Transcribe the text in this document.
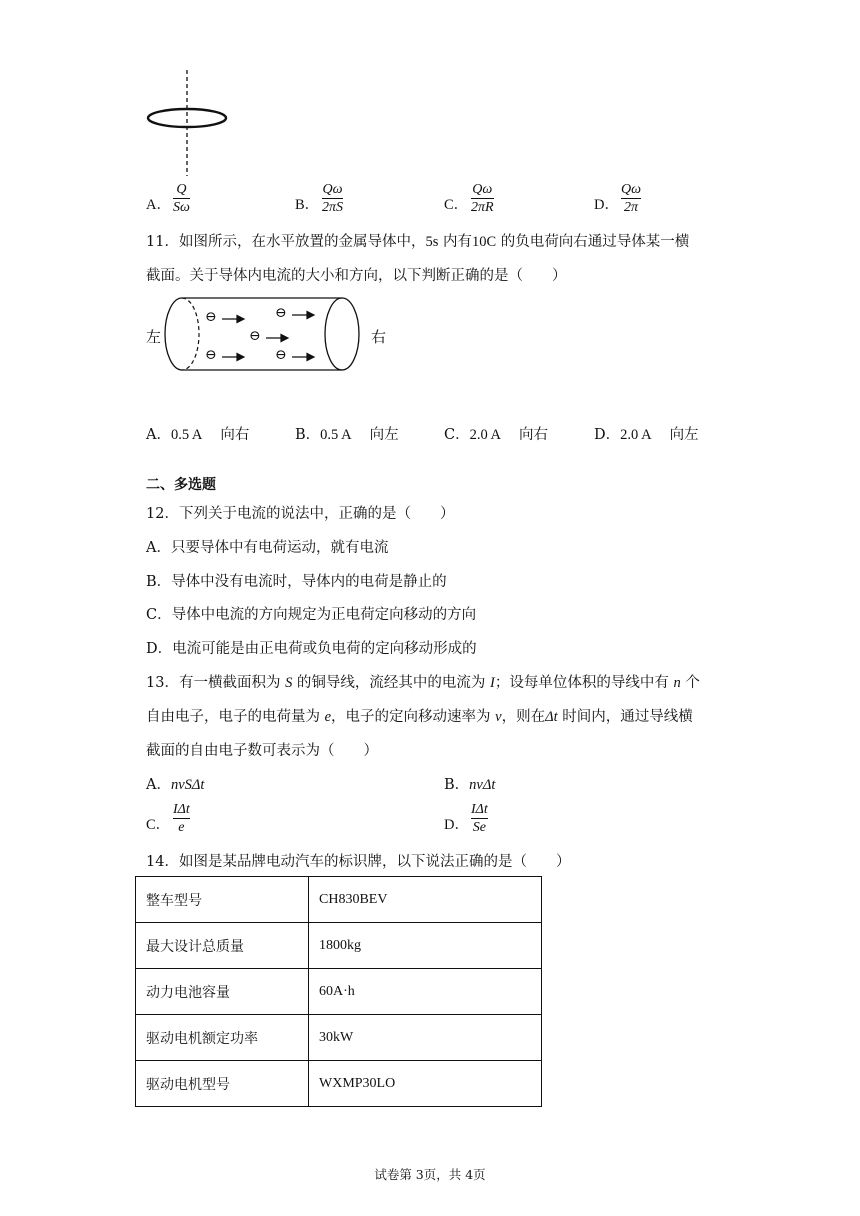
A．
Q
Sω	B．
Qω
2πS	C．
Qω
2πR	D．
Qω
2π
11．如图所示，在水平放置的金属导体中，5s 内有10C 的负电荷向右通过导体某一横
截面。关于导体内电流的大小和方向，以下判断正确的是（　　）
左	右
⊖	⊖
⊖
⊖	⊖
A．0.5 A 向右	B．0.5 A 向左	C．2.0 A 向右	D．2.0 A 向左
二、多选题
12．下列关于电流的说法中，正确的是（　　）
A．只要导体中有电荷运动，就有电流
B．导体中没有电流时，导体内的电荷是静止的
C．导体中电流的方向规定为正电荷定向移动的方向
D．电流可能是由正电荷或负电荷的定向移动形成的
13．有一横截面积为 S 的铜导线，流经其中的电流为 I；设每单位体积的导线中有 n 个
自由电子，电子的电荷量为 e，电子的定向移动速率为 v，则在Δt 时间内，通过导线横
截面的自由电子数可表示为（　　）
A．nvSΔt	B．nvΔt
C．
IΔt
e	D．
IΔt
Se
14．如图是某品牌电动汽车的标识牌，以下说法正确的是（　　）
整车型号	CH830BEV
最大设计总质量	1800kg
动力电池容量	60A·h
驱动电机额定功率	30kW
驱动电机型号	WXMP30LO
试卷第 3页，共 4页
